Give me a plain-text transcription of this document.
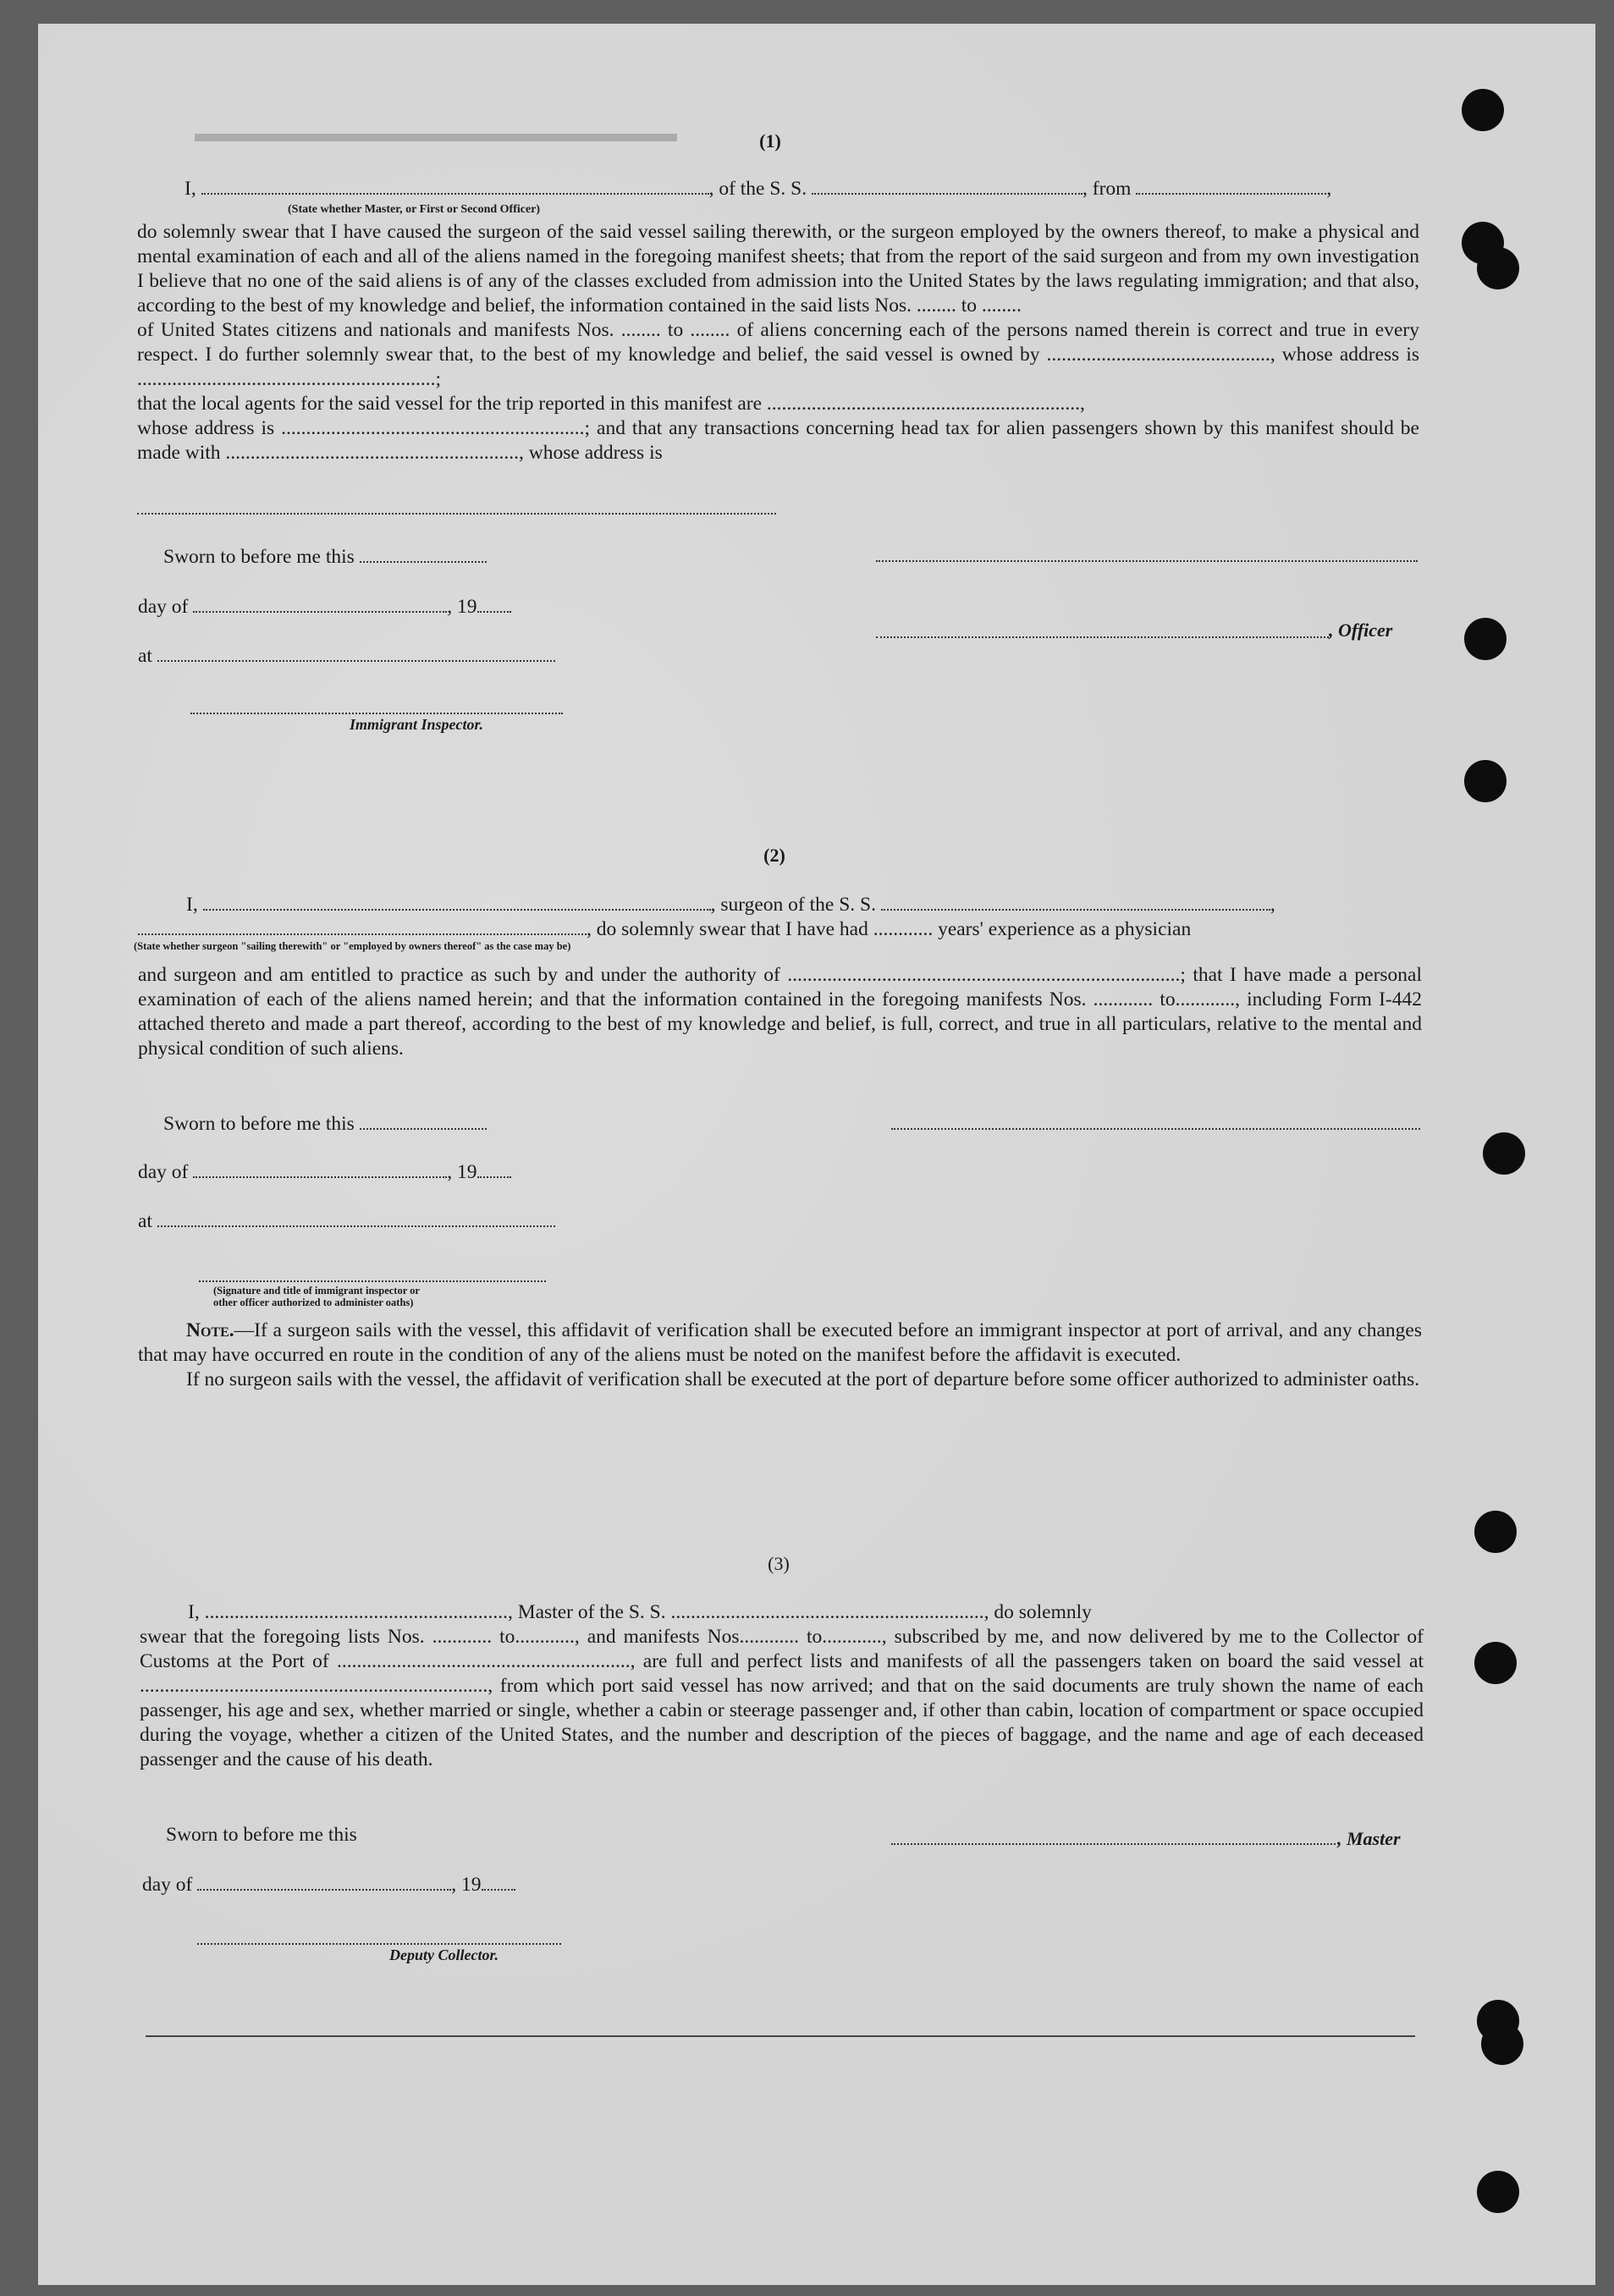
▬▬▬▬▬▬▬▬▬▬▬▬▬▬▬▬▬▬▬	(1)
I,	, of the S. S.	, from	,
(State whether Master, or First or Second Officer)

do solemnly swear that I have caused the surgeon of the said vessel sailing therewith, or the surgeon employed by the owners thereof, to make a physical and mental examination of each and all of the aliens named in the foregoing manifest sheets; that from the report of the said surgeon and from my own investigation I believe that no one of the said aliens is of any of the classes excluded from admission into the United States by the laws regulating immigration; and that also, according to the best of my knowledge and belief, the information contained in the said lists Nos. ........ to ........

of United States citizens and nationals and manifests Nos. ........ to ........ of aliens concerning each of the persons named therein is correct and true in every respect. I do further solemnly swear that, to the best of my knowledge and belief, the said vessel is owned by ............................................., whose address is ............................................................;

that the local agents for the said vessel for the trip reported in this manifest are ...............................................................,

whose address is .............................................................; and that any transactions concerning head tax for alien passengers shown by this manifest should be made with ..........................................................., whose address is

Sworn to before me this
day of	, 19
, Officer
at
Immigrant Inspector.
(2)
I,	, surgeon of the S. S.	,
, do solemnly swear that I have had ............ years' experience as a physician
(State whether surgeon "sailing therewith" or "employed by owners thereof" as the case may be)

and surgeon and am entitled to practice as such by and under the authority of ...............................................................................; that I have made a personal examination of each of the aliens named herein; and that the information contained in the foregoing manifests Nos. ............ to............, including Form I-442 attached thereto and made a part thereof, according to the best of my knowledge and belief, is full, correct, and true in all particulars, relative to the mental and physical condition of such aliens.

Sworn to before me this
day of	, 19
at
(Signature and title of immigrant inspector or
other officer authorized to administer oaths)

Note.—If a surgeon sails with the vessel, this affidavit of verification shall be executed before an immigrant inspector at port of arrival, and any changes that may have occurred en route in the condition of any of the aliens must be noted on the manifest before the affidavit is executed.

If no surgeon sails with the vessel, the affidavit of verification shall be executed at the port of departure before some officer authorized to administer oaths.

(3)

I, ............................................................., Master of the S. S. ..............................................................., do solemnly

swear that the foregoing lists Nos. ............ to............, and manifests Nos............ to............, subscribed by me, and now delivered by me to the Collector of Customs at the Port of ..........................................................., are full and perfect lists and manifests of all the passengers taken on board the said vessel at ......................................................................, from which port said vessel has now arrived; and that on the said documents are truly shown the name of each passenger, his age and sex, whether married or single, whether a cabin or steerage passenger and, if other than cabin, location of compartment or space occupied during the voyage, whether a citizen of the United States, and the number and description of the pieces of baggage, and the name and age of each deceased passenger and the cause of his death.

Sworn to before me this	, Master
day of	, 19
Deputy Collector.
